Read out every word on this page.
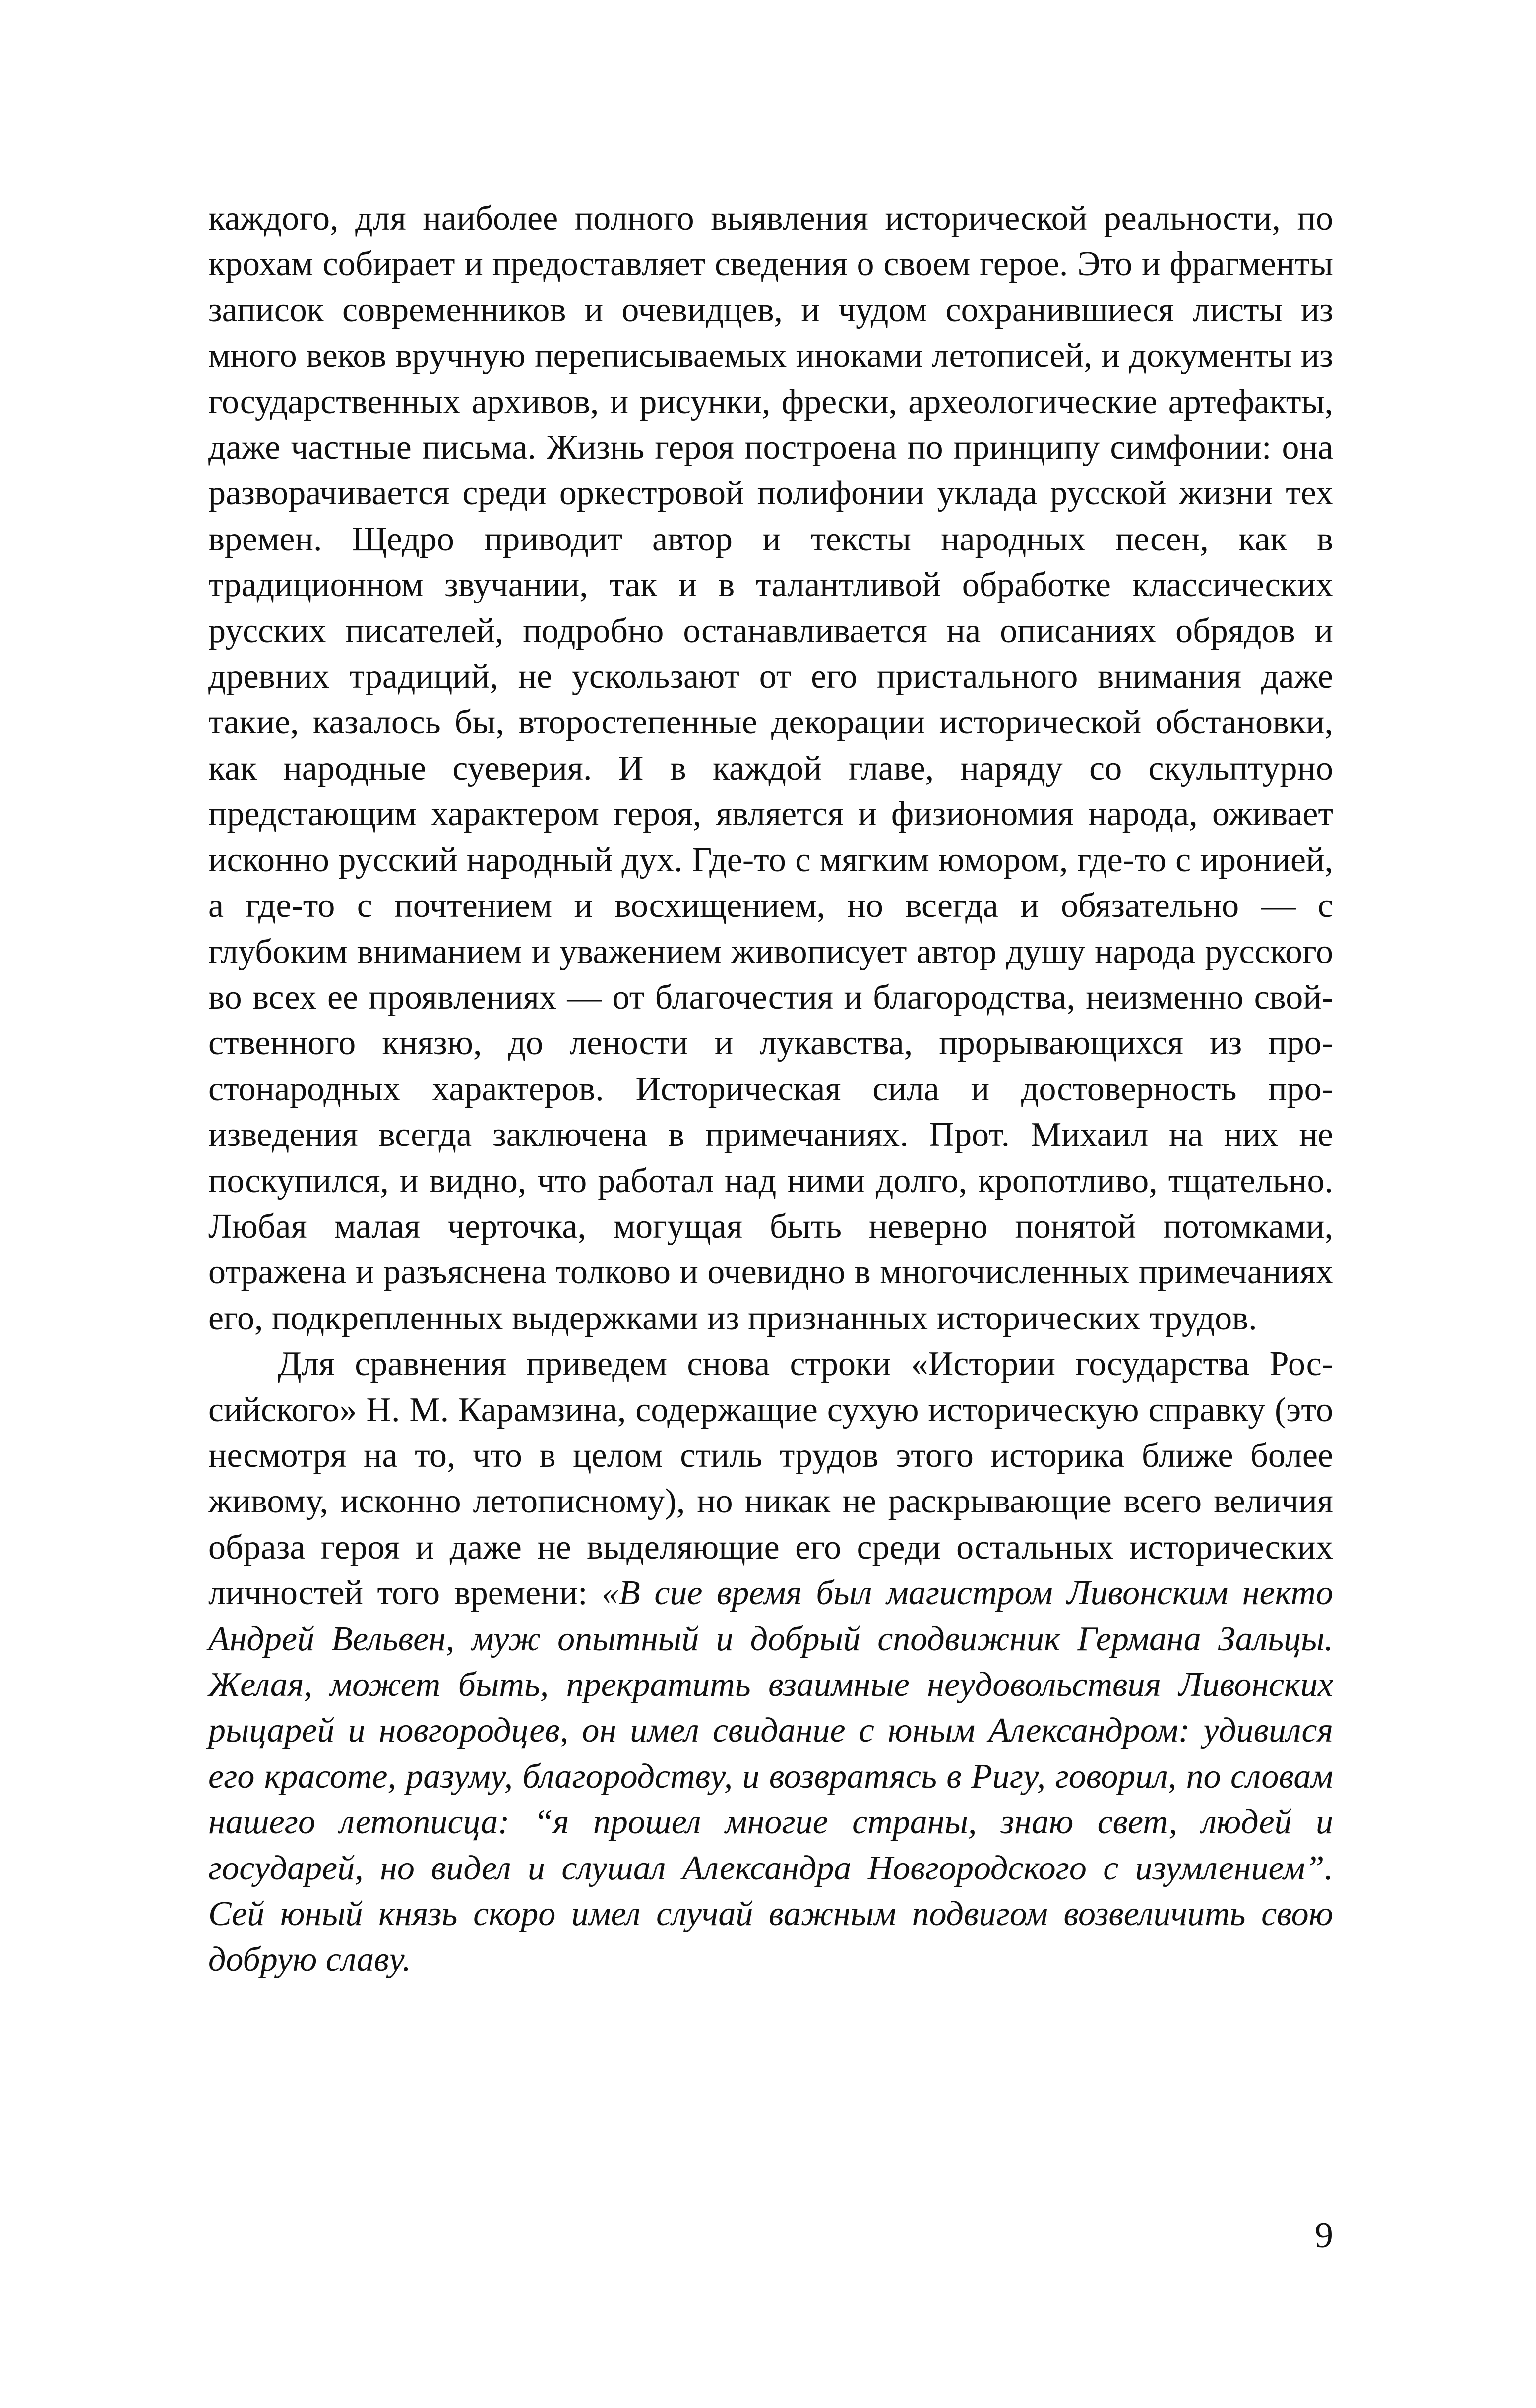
каждого, для наиболее полного выявления исторической реальности, по крохам собирает и предоставляет сведения о своем герое. Это и фрагменты записок современников и очевидцев, и чудом сохранившиеся листы из много веков вручную переписываемых иноками летописей, и документы из государственных архивов, и рисунки, фрески, археологические артефакты, даже частные письма. Жизнь героя построена по принципу симфонии: она разворачивается среди оркестровой полифонии уклада русской жизни тех времен. Щедро приводит автор и тексты народных песен, как в традиционном звучании, так и в талантливой обработке классических русских писателей, подробно останавливается на описаниях обрядов и древних традиций, не ускользают от его пристального внимания даже такие, казалось бы, второстепенные декорации исторической обстановки, как народные суеверия. И в каждой главе, наряду со скульптурно предстающим характером героя, является и физиономия народа, оживает исконно русский народный дух. Где-то с мягким юмором, где-то с иронией, а где-то с почтением и восхищением, но всегда и обязательно — с глубоким вниманием и уважением живописует автор душу народа русского во всех ее проявлениях — от благочестия и благородства, неизменно свойственного князю, до лености и лукавства, прорывающихся из простонародных характеров. Историческая сила и достоверность произведения всегда заключена в примечаниях. Прот. Михаил на них не поскупился, и видно, что работал над ними долго, кропотливо, тщательно. Любая малая черточка, могущая быть неверно понятой потомками, отражена и разъяснена толково и очевидно в многочисленных примечаниях его, подкрепленных выдержками из признанных исторических трудов.

Для сравнения приведем снова строки «Истории государства Российского» Н. М. Карамзина, содержащие сухую историческую справку (это несмотря на то, что в целом стиль трудов этого историка ближе более живому, исконно летописному), но никак не раскрывающие всего величия образа героя и даже не выделяющие его среди остальных исторических личностей того времени: «В сие время был магистром Ливонским некто Андрей Вельвен, муж опытный и добрый сподвижник Германа Зальцы. Желая, может быть, прекратить взаимные неудовольствия Ливонских рыцарей и новгородцев, он имел свидание с юным Александром: удивился его красоте, разуму, благородству, и возвратясь в Ригу, говорил, по словам нашего летописца: “я прошел многие страны, знаю свет, людей и государей, но видел и слушал Александра Новгородского с изумлением”. Сей юный князь скоро имел случай важным подвигом возвеличить свою добрую славу.

9
